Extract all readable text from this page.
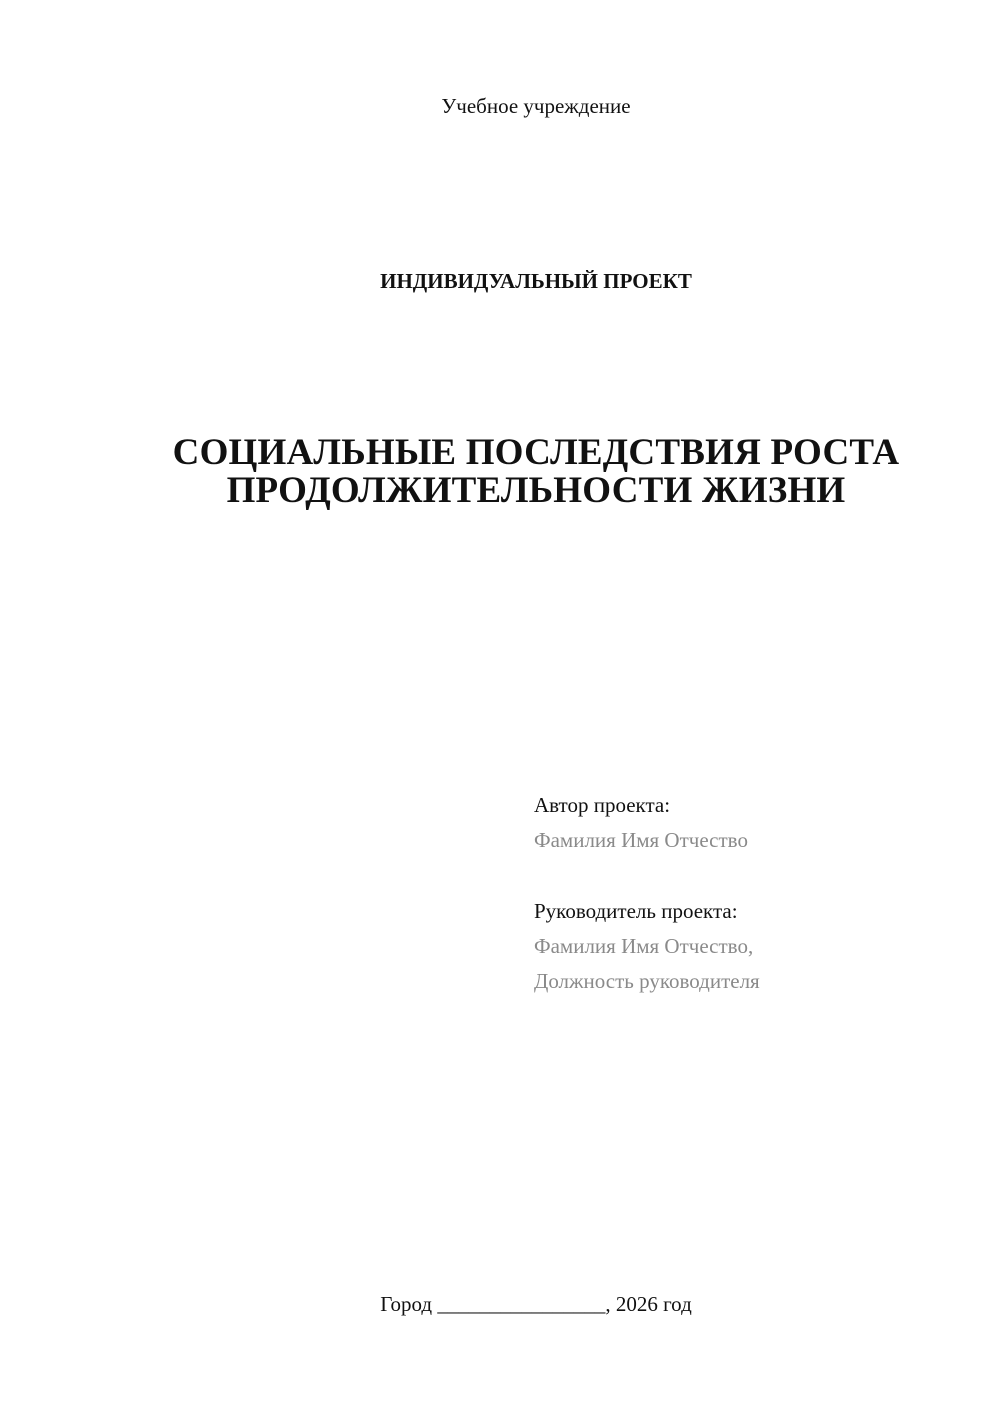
Учебное учреждение
ИНДИВИДУАЛЬНЫЙ ПРОЕКТ
СОЦИАЛЬНЫЕ ПОСЛЕДСТВИЯ РОСТА
ПРОДОЛЖИТЕЛЬНОСТИ ЖИЗНИ
Автор проекта:
Фамилия Имя Отчество
Руководитель проекта:
Фамилия Имя Отчество,
Должность руководителя
Город ________________, 2026 год
